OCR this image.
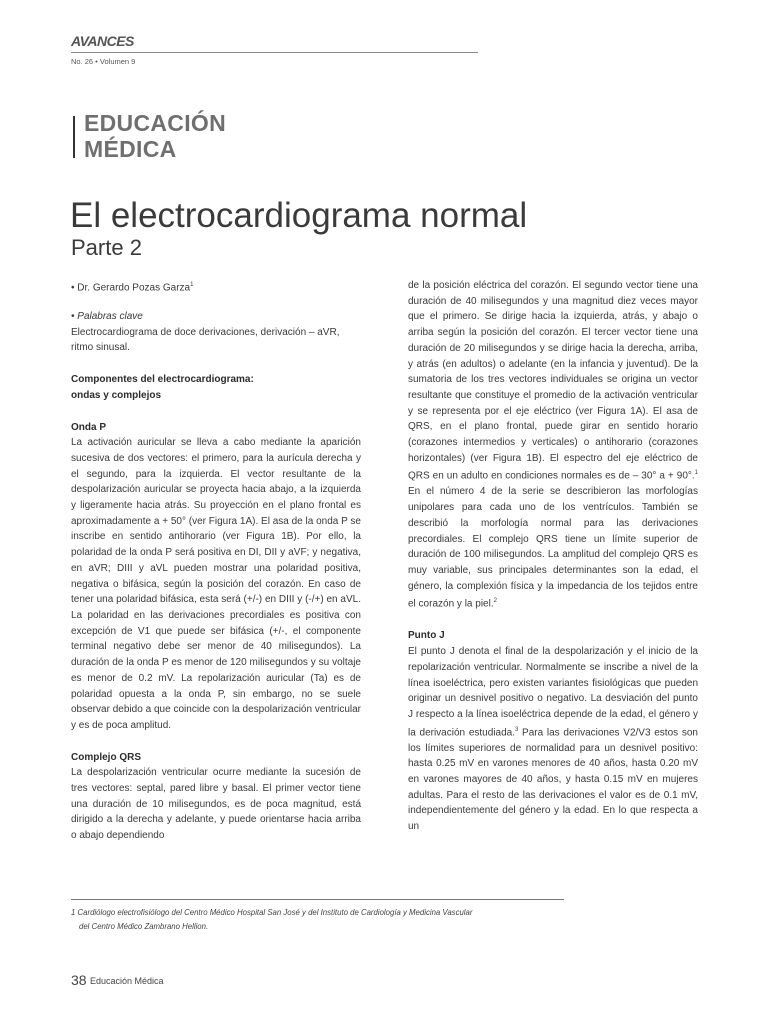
AVANCES
No. 26 • Volumen 9
EDUCACIÓN
MÉDICA
El electrocardiograma normal
Parte 2

• Dr. Gerardo Pozas Garza$^1$

• Palabras clave

Electrocardiograma de doce derivaciones, derivación – aVR, ritmo sinusal.

Componentes del electrocardiograma:
ondas y complejos
Onda P

La activación auricular se lleva a cabo mediante la aparición sucesiva de dos vectores: el primero, para la aurícula derecha y el segundo, para la izquierda. El vector resultante de la despolarización auricular se proyecta hacia abajo, a la izquierda y ligeramente hacia atrás. Su proyección en el plano frontal es aproximadamente a + 50° (ver Figura 1A). El asa de la onda P se inscribe en sentido antihorario (ver Figura 1B). Por ello, la polaridad de la onda P será positiva en DI, DII y aVF; y negativa, en aVR; DIII y aVL pueden mostrar una polaridad positiva, negativa o bifásica, según la posición del corazón. En caso de tener una polaridad bifásica, esta será (+/-) en DIII y (-/+) en aVL. La polaridad en las derivaciones precordiales es positiva con excepción de V1 que puede ser bifásica (+/-, el componente terminal negativo debe ser menor de 40 milisegundos). La duración de la onda P es menor de 120 milisegundos y su voltaje es menor de 0.2 mV. La repolarización auricular (Ta) es de polaridad opuesta a la onda P, sin embargo, no se suele observar debido a que coincide con la despolarización ventricular y es de poca amplitud.

Complejo QRS

La despolarización ventricular ocurre mediante la sucesión de tres vectores: septal, pared libre y basal. El primer vector tiene una duración de 10 milisegundos, es de poca magnitud, está dirigido a la derecha y adelante, y puede orientarse hacia arriba o abajo dependiendo

de la posición eléctrica del corazón. El segundo vector tiene una duración de 40 milisegundos y una magnitud diez veces mayor que el primero. Se dirige hacia la izquierda, atrás, y abajo o arriba según la posición del corazón. El tercer vector tiene una duración de 20 milisegundos y se dirige hacia la derecha, arriba, y atrás (en adultos) o adelante (en la infancia y juventud). De la sumatoria de los tres vectores individuales se origina un vector resultante que constituye el promedio de la activación ventricular y se representa por el eje eléctrico (ver Figura 1A). El asa de QRS, en el plano frontal, puede girar en sentido horario (corazones intermedios y verticales) o antihorario (corazones horizontales) (ver Figura 1B). El espectro del eje eléctrico de QRS en un adulto en condiciones normales es de – 30° a + 90°.$^1$ En el número 4 de la serie se describieron las morfologías unipolares para cada uno de los ventrículos. También se describió la morfología normal para las derivaciones precordiales. El complejo QRS tiene un límite superior de duración de 100 milisegundos. La amplitud del complejo QRS es muy variable, sus principales determinantes son la edad, el género, la complexión física y la impedancia de los tejidos entre el corazón y la piel.$^2$

Punto J

El punto J denota el final de la despolarización y el inicio de la repolarización ventricular. Normalmente se inscribe a nivel de la línea isoeléctrica, pero existen variantes fisiológicas que pueden originar un desnivel positivo o negativo. La desviación del punto J respecto a la línea isoeléctrica depende de la edad, el género y la derivación estudiada.$^3$ Para las derivaciones V2/V3 estos son los límites superiores de normalidad para un desnivel positivo: hasta 0.25 mV en varones menores de 40 años, hasta 0.20 mV en varones mayores de 40 años, y hasta 0.15 mV en mujeres adultas. Para el resto de las derivaciones el valor es de 0.1 mV, independientemente del género y la edad. En lo que respecta a un

1 Cardiólogo electrofisiólogo del Centro Médico Hospital San José y del Instituto de Cardiología y Medicina Vascular
del Centro Médico Zambrano Hellion.
38 Educación Médica
